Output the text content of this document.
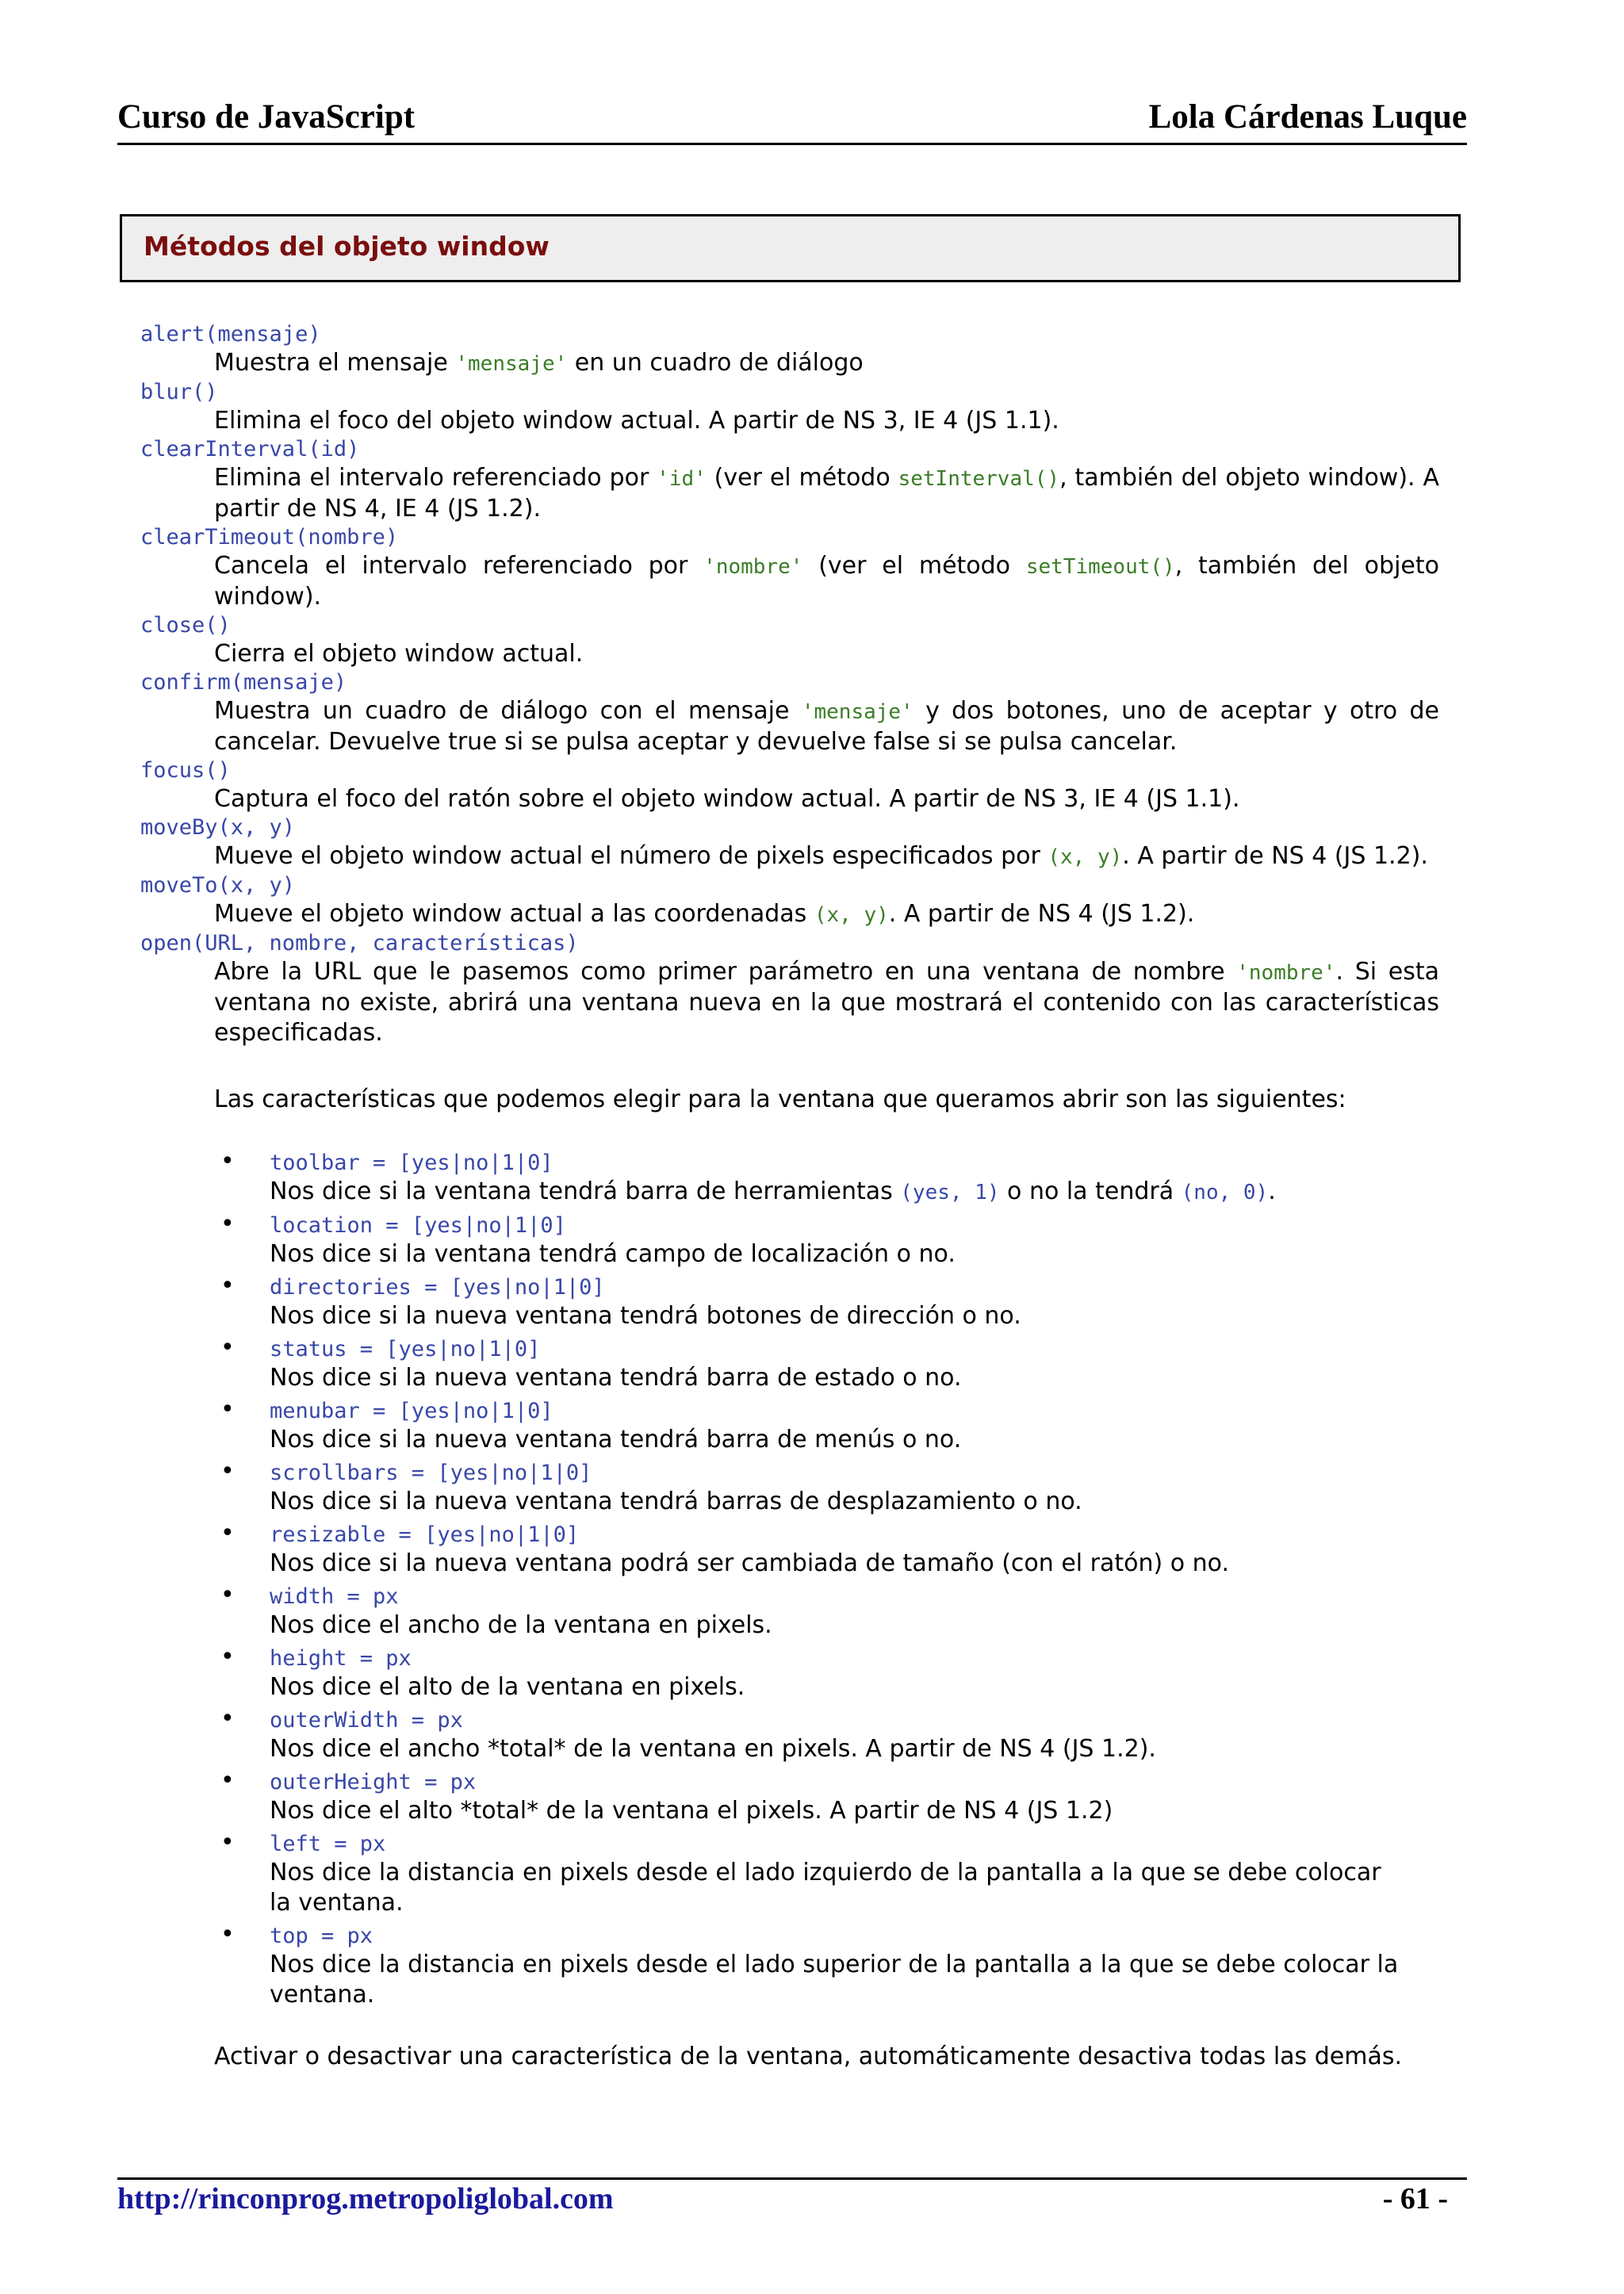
Curso de JavaScript	Lola Cárdenas Luque
Métodos del objeto window
alert(mensaje)
Muestra el mensaje 'mensaje' en un cuadro de diálogo
blur()
Elimina el foco del objeto window actual. A partir de NS 3, IE 4 (JS 1.1).
clearInterval(id)
Elimina el intervalo referenciado por 'id' (ver el método setInterval(), también del objeto window). A partir de NS 4, IE 4 (JS 1.2).
clearTimeout(nombre)
Cancela el intervalo referenciado por 'nombre' (ver el método setTimeout(), también del objeto window).
close()
Cierra el objeto window actual.
confirm(mensaje)
Muestra un cuadro de diálogo con el mensaje 'mensaje' y dos botones, uno de aceptar y otro de cancelar. Devuelve true si se pulsa aceptar y devuelve false si se pulsa cancelar.
focus()
Captura el foco del ratón sobre el objeto window actual. A partir de NS 3, IE 4 (JS 1.1).
moveBy(x, y)
Mueve el objeto window actual el número de pixels especificados por (x, y). A partir de NS 4 (JS 1.2).
moveTo(x, y)
Mueve el objeto window actual a las coordenadas (x, y). A partir de NS 4 (JS 1.2).
open(URL, nombre, características)
Abre la URL que le pasemos como primer parámetro en una ventana de nombre 'nombre'. Si esta ventana no existe, abrirá una ventana nueva en la que mostrará el contenido con las características especificadas.
Las características que podemos elegir para la ventana que queramos abrir son las siguientes:
• toolbar = [yes|no|1|0]
Nos dice si la ventana tendrá barra de herramientas (yes, 1) o no la tendrá (no, 0).
• location = [yes|no|1|0]
Nos dice si la ventana tendrá campo de localización o no.
• directories = [yes|no|1|0]
Nos dice si la nueva ventana tendrá botones de dirección o no.
• status = [yes|no|1|0]
Nos dice si la nueva ventana tendrá barra de estado o no.
• menubar = [yes|no|1|0]
Nos dice si la nueva ventana tendrá barra de menús o no.
• scrollbars = [yes|no|1|0]
Nos dice si la nueva ventana tendrá barras de desplazamiento o no.
• resizable = [yes|no|1|0]
Nos dice si la nueva ventana podrá ser cambiada de tamaño (con el ratón) o no.
• width = px
Nos dice el ancho de la ventana en pixels.
• height = px
Nos dice el alto de la ventana en pixels.
• outerWidth = px
Nos dice el ancho *total* de la ventana en pixels. A partir de NS 4 (JS 1.2).
• outerHeight = px
Nos dice el alto *total* de la ventana el pixels. A partir de NS 4 (JS 1.2)
• left = px
Nos dice la distancia en pixels desde el lado izquierdo de la pantalla a la que se debe colocar la ventana.
• top = px
Nos dice la distancia en pixels desde el lado superior de la pantalla a la que se debe colocar la ventana.
Activar o desactivar una característica de la ventana, automáticamente desactiva todas las demás.
http://rinconprog.metropoliglobal.com	- 61 -
